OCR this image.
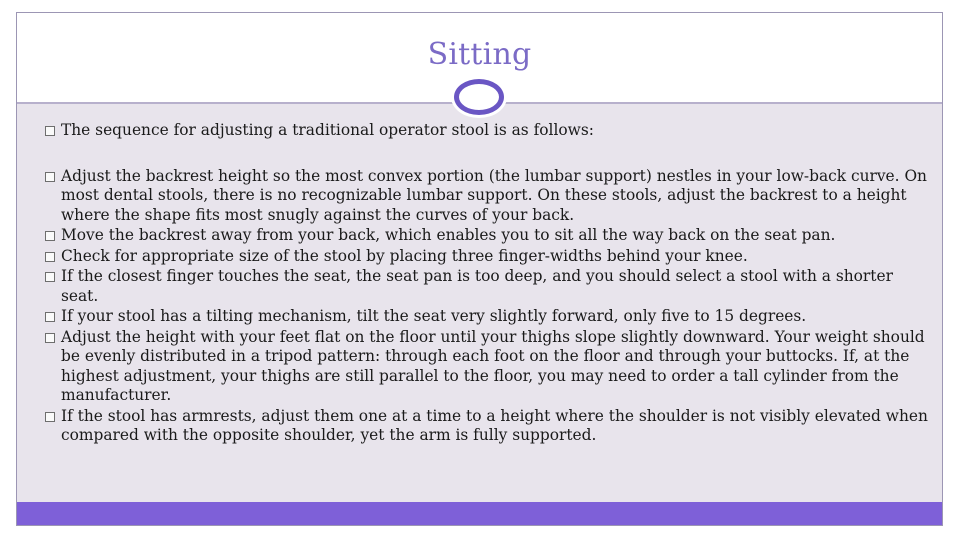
Sitting
The sequence for adjusting a traditional operator stool is as follows:
Adjust the backrest height so the most convex portion (the lumbar support) nestles in your low-back curve. On most dental stools, there is no recognizable lumbar support. On these stools, adjust the backrest to a height where the shape fits most snugly against the curves of your back.
Move the backrest away from your back, which enables you to sit all the way back on the seat pan.
Check for appropriate size of the stool by placing three finger-widths behind your knee.
If the closest finger touches the seat, the seat pan is too deep, and you should select a stool with a shorter seat.
If your stool has a tilting mechanism, tilt the seat very slightly forward, only five to 15 degrees.
Adjust the height with your feet flat on the floor until your thighs slope slightly downward. Your weight should be evenly distributed in a tripod pattern: through each foot on the floor and through your buttocks. If, at the highest adjustment, your thighs are still parallel to the floor, you may need to order a tall cylinder from the manufacturer.
If the stool has armrests, adjust them one at a time to a height where the shoulder is not visibly elevated when compared with the opposite shoulder, yet the arm is fully supported.
